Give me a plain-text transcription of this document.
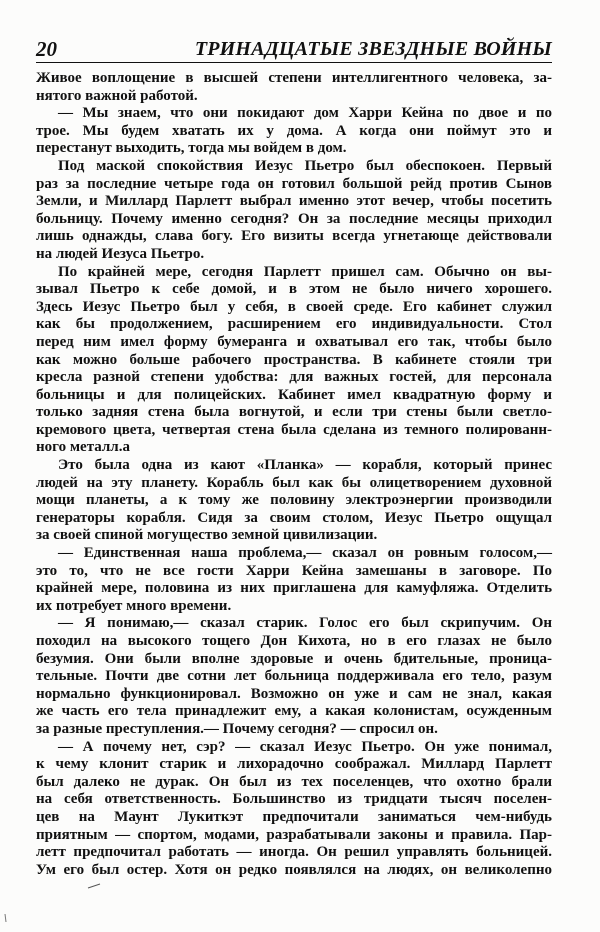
20	ТРИНАДЦАТЫЕ ЗВЕЗДНЫЕ ВОЙНЫ

Живое воплощение в высшей степени интеллигентного человека, за-
нятого важной работой.

— Мы знаем, что они покидают дом Харри Кейна по двое и по
трое. Мы будем хватать их у дома. А когда они поймут это и
перестанут выходить, тогда мы войдем в дом.

Под маской спокойствия Иезус Пьетро был обеспокоен. Первый
раз за последние четыре года он готовил большой рейд против Сынов
Земли, и Миллард Парлетт выбрал именно этот вечер, чтобы посетить
больницу. Почему именно сегодня? Он за последние месяцы приходил
лишь однажды, слава богу. Его визиты всегда угнетающе действовали
на людей Иезуса Пьетро.

По крайней мере, сегодня Парлетт пришел сам. Обычно он вы-
зывал Пьетро к себе домой, и в этом не было ничего хорошего.
Здесь Иезус Пьетро был у себя, в своей среде. Его кабинет служил
как бы продолжением, расширением его индивидуальности. Стол
перед ним имел форму бумеранга и охватывал его так, чтобы было
как можно больше рабочего пространства. В кабинете стояли три
кресла разной степени удобства: для важных гостей, для персонала
больницы и для полицейских. Кабинет имел квадратную форму и
только задняя стена была вогнутой, и если три стены были светло-
кремового цвета, четвертая стена была сделана из темного полированн-
ного металл.а

Это была одна из кают «Планка» — корабля, который принес
людей на эту планету. Корабль был как бы олицетворением духовной
мощи планеты, а к тому же половину электроэнергии производили
генераторы корабля. Сидя за своим столом, Иезус Пьетро ощущал
за своей спиной могущество земной цивилизации.

— Единственная наша проблема,— сказал он ровным голосом,—
это то, что не все гости Харри Кейна замешаны в заговоре. По
крайней мере, половина из них приглашена для камуфляжа. Отделить
их потребует много времени.

— Я понимаю,— сказал старик. Голос его был скрипучим. Он
походил на высокого тощего Дон Кихота, но в его глазах не было
безумия. Они были вполне здоровые и очень бдительные, проница-
тельные. Почти две сотни лет больница поддерживала его тело, разум
нормально функционировал. Возможно он уже и сам не знал, какая
же часть его тела принадлежит ему, а какая колонистам, осужденным
за разные преступления.— Почему сегодня? — спросил он.

— А почему нет, сэр? — сказал Иезус Пьетро. Он уже понимал,
к чему клонит старик и лихорадочно соображал. Миллард Парлетт
был далеко не дурак. Он был из тех поселенцев, что охотно брали
на себя ответственность. Большинство из тридцати тысяч поселен-
цев на Маунт Лукиткэт предпочитали заниматься чем-нибудь
приятным — спортом, модами, разрабатывали законы и правила. Пар-
летт предпочитал работать — иногда. Он решил управлять больницей.
Ум его был остер. Хотя он редко появлялся на людях, он великолепно
